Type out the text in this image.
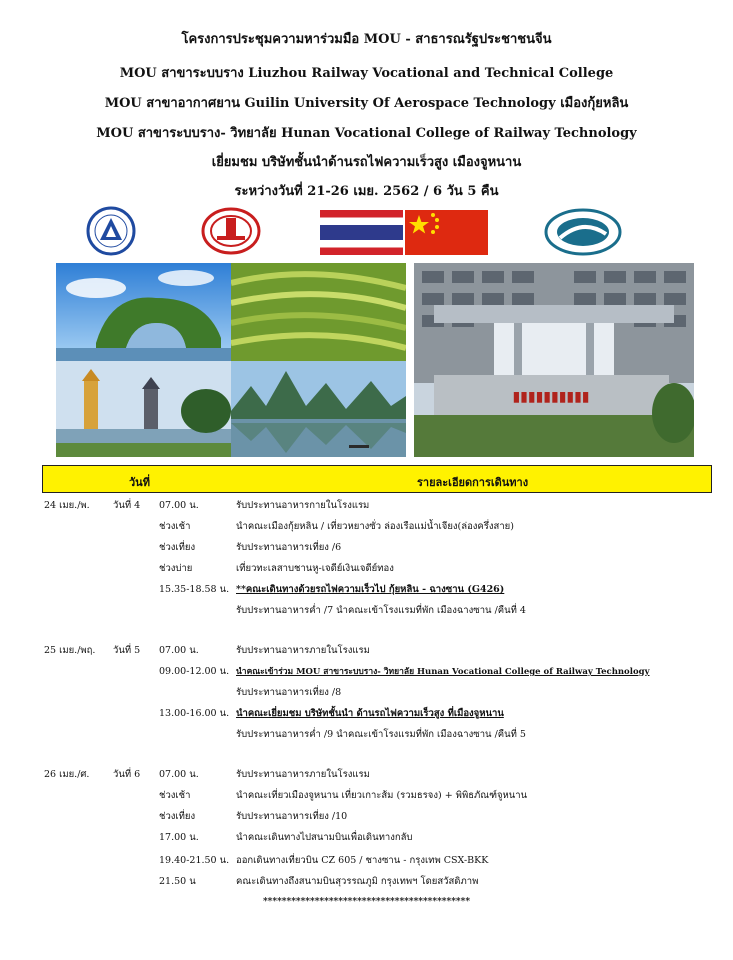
โครงการประชุมความหาร่วมมือ MOU - สาธารณรัฐประชาชนจีน
MOU สาขาระบบราง Liuzhou Railway Vocational and Technical College
MOU สาขาอากาศยาน Guilin University Of Aerospace Technology เมืองกุ้ยหลิน
MOU สาขาระบบราง- วิทยาลัย Hunan Vocational College of Railway Technology
เยี่ยมชม บริษัทชั้นนำด้านรถไฟความเร็วสูง เมืองจูหนาน
ระหว่างวันที่ 21-26 เมย. 2562 / 6 วัน 5 คืน
▮▮▮▮▮▮▮▮▮▮
วันที่	รายละเอียดการเดินทาง
24 เมย./พ. วันที่ 4 07.00 น.	รับประทานอาหารกายในโรงแรม
ช่วงเช้า	นำคณะเมืองกุ้ยหลิน / เที่ยวหยางซั่ว ล่องเรือแม่น้ำเจียง(ล่องครึ่งสาย)
ช่วงเที่ยง	รับประทานอาหารเที่ยง /6
ช่วงบ่าย	เที่ยวทะเลสาบชานหู-เจดีย์เงินเจดีย์ทอง
15.35-18.58 น. **คณะเดินทางด้วยรถไฟความเร็วไป กุ้ยหลิน - ฉางซาน (G426)
รับประทานอาหารค่ำ /7 นำคณะเข้าโรงแรมที่พัก เมืองฉางซาน /คืนที่ 4
25 เมย./พฤ. วันที่ 5 07.00 น.	รับประทานอาหารภายในโรงแรม
09.00-12.00 น. นำคณะเข้าร่วม MOU สาขาระบบราง- วิทยาลัย Hunan Vocational College of Railway Technology
รับประทานอาหารเที่ยง /8
13.00-16.00 น. นำคณะเยี่ยมชม บริษัทชั้นนำ ด้านรถไฟความเร็วสูง ที่เมืองจูหนาน
รับประทานอาหารค่ำ /9 นำคณะเข้าโรงแรมที่พัก เมืองฉางซาน /คืนที่ 5
26 เมย./ศ. วันที่ 6 07.00 น.	รับประทานอาหารภายในโรงแรม
ช่วงเช้า	นำคณะเที่ยวเมืองจูหนาน เที่ยวเกาะส้ม (รวมธรจง) + พิพิธภัณฑ์จูหนาน
ช่วงเที่ยง	รับประทานอาหารเที่ยง /10
17.00 น.	นำคณะเดินทางไปสนามบินเพื่อเดินทางกลับ
19.40-21.50 น. ออกเดินทางเที่ยวบิน CZ 605 / ชางซาน - กรุงเทพ CSX-BKK
21.50 น	คณะเดินทางถึงสนามบินสุวรรณภูมิ กรุงเทพฯ โดยสวัสดิภาพ
********************************************
